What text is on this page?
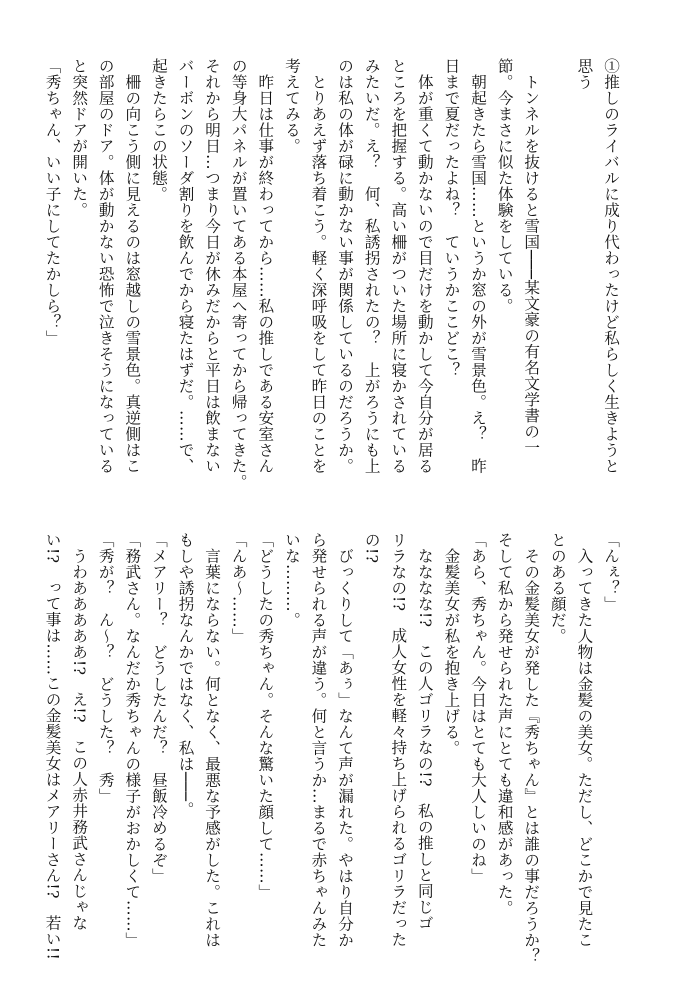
①推しのライバルに成り代わったけど私らしく生きようと
思う

　トンネルを抜けると雪国───某文豪の有名文学書の一
節。今まさに似た体験をしている。
　朝起きたら雪国……というか窓の外が雪景色。え？　昨
日まで夏だったよね？　ていうかここどこ？
　体が重くて動かないので目だけを動かして今自分が居る
ところを把握する。高い柵がついた場所に寝かされている
みたいだ。え？　何、私誘拐されたの？　上がろうにも上
のは私の体が碌に動かない事が関係しているのだろうか。
　とりあえず落ち着こう。軽く深呼吸をして昨日のことを
考えてみる。
　昨日は仕事が終わってから……私の推しである安室さん
の等身大パネルが置いてある本屋へ寄ってから帰ってきた。
それから明日…つまり今日が休みだからと平日は飲まない
バーボンのソーダ割りを飲んでから寝たはずだ。……で、
起きたらこの状態。
　柵の向こう側に見えるのは窓越しの雪景色。真逆側はこ
の部屋のドア。体が動かない恐怖で泣きそうになっている
と突然ドアが開いた。
「秀ちゃん、いい子にしてたかしら？」
「んぇ？」
　入ってきた人物は金髪の美女。ただし、どこかで見たこ
とのある顔だ。
　その金髪美女が発した『秀ちゃん』とは誰の事だろうか？
そして私から発せられた声にとても違和感があった。
「あら、秀ちゃん。今日はとても大人しいのね」
　金髪美女が私を抱き上げる。
　なななな!?　この人ゴリラなの!?　私の推しと同じゴ
リラなの!?　成人女性を軽々持ち上げられるゴリラだった
の!?
　びっくりして「あぅ」なんて声が漏れた。やはり自分か
ら発せられる声が違う。何と言うか…まるで赤ちゃんみた
いな………。
「どうしたの秀ちゃん。そんな驚いた顔して……」
「んあ～……」
　言葉にならない。何となく、最悪な予感がした。これは
もしや誘拐なんかではなく、私は───。
「メアリー？　どうしたんだ？　昼飯冷めるぞ」
「務武さん。なんだか秀ちゃんの様子がおかしくて……」
「秀が？　ん～？　どうした？　秀」
　うわあああああ!?　え!?　この人赤井務武さんじゃな
い!?　って事は……この金髪美女はメアリーさん!?　若い!!
